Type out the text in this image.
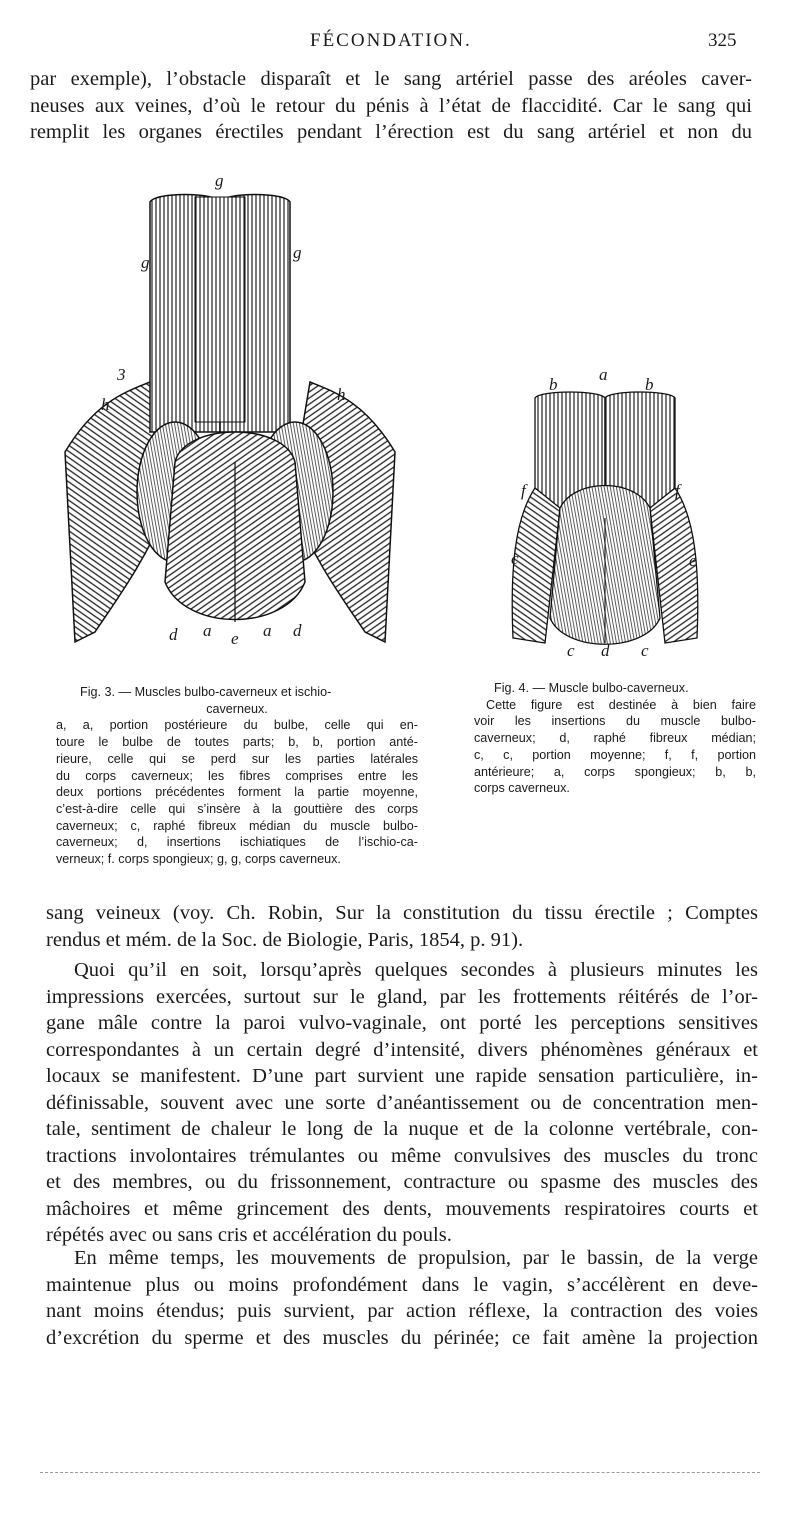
FÉCONDATION.	325
par exemple), l’obstacle disparaît et le sang artériel passe des aréoles caver-
neuses aux veines, d’où le retour du pénis à l’état de flaccidité. Car le sang qui
remplit les organes érectiles pendant l’érection est du sang artériel et non du
g
g
g
3
h
h
d a e a d
b
a
b
f	f
c	e
c d c
Fig. 3. — Muscles bulbo-caverneux et ischio-
caverneux.
a, a, portion postérieure du bulbe, celle qui en-
toure le bulbe de toutes parts; b, b, portion anté-
rieure, celle qui se perd sur les parties latérales
du corps caverneux; les fibres comprises entre les
deux portions précédentes forment la partie moyenne,
c’est-à-dire celle qui s’insère à la gouttière des corps
caverneux; c, raphé fibreux médian du muscle bulbo-
caverneux; d, insertions ischiatiques de l’ischio-ca-
verneux; f. corps spongieux; g, g, corps caverneux.
Fig. 4. — Muscle bulbo-caverneux.
Cette figure est destinée à bien faire
voir les insertions du muscle bulbo-
caverneux; d, raphé fibreux médian;
c, c, portion moyenne; f, f, portion
antérieure; a, corps spongieux; b, b,
corps caverneux.
sang veineux (voy. Ch. Robin, Sur la constitution du tissu érectile ; Comptes
rendus et mém. de la Soc. de Biologie, Paris, 1854, p. 91).
Quoi qu’il en soit, lorsqu’après quelques secondes à plusieurs minutes les
impressions exercées, surtout sur le gland, par les frottements réitérés de l’or-
gane mâle contre la paroi vulvo-vaginale, ont porté les perceptions sensitives
correspondantes à un certain degré d’intensité, divers phénomènes généraux et
locaux se manifestent. D’une part survient une rapide sensation particulière, in-
définissable, souvent avec une sorte d’anéantissement ou de concentration men-
tale, sentiment de chaleur le long de la nuque et de la colonne vertébrale, con-
tractions involontaires trémulantes ou même convulsives des muscles du tronc
et des membres, ou du frissonnement, contracture ou spasme des muscles des
mâchoires et même grincement des dents, mouvements respiratoires courts et
répétés avec ou sans cris et accélération du pouls.
En même temps, les mouvements de propulsion, par le bassin, de la verge
maintenue plus ou moins profondément dans le vagin, s’accélèrent en deve-
nant moins étendus; puis survient, par action réflexe, la contraction des voies
d’excrétion du sperme et des muscles du périnée; ce fait amène la projection
